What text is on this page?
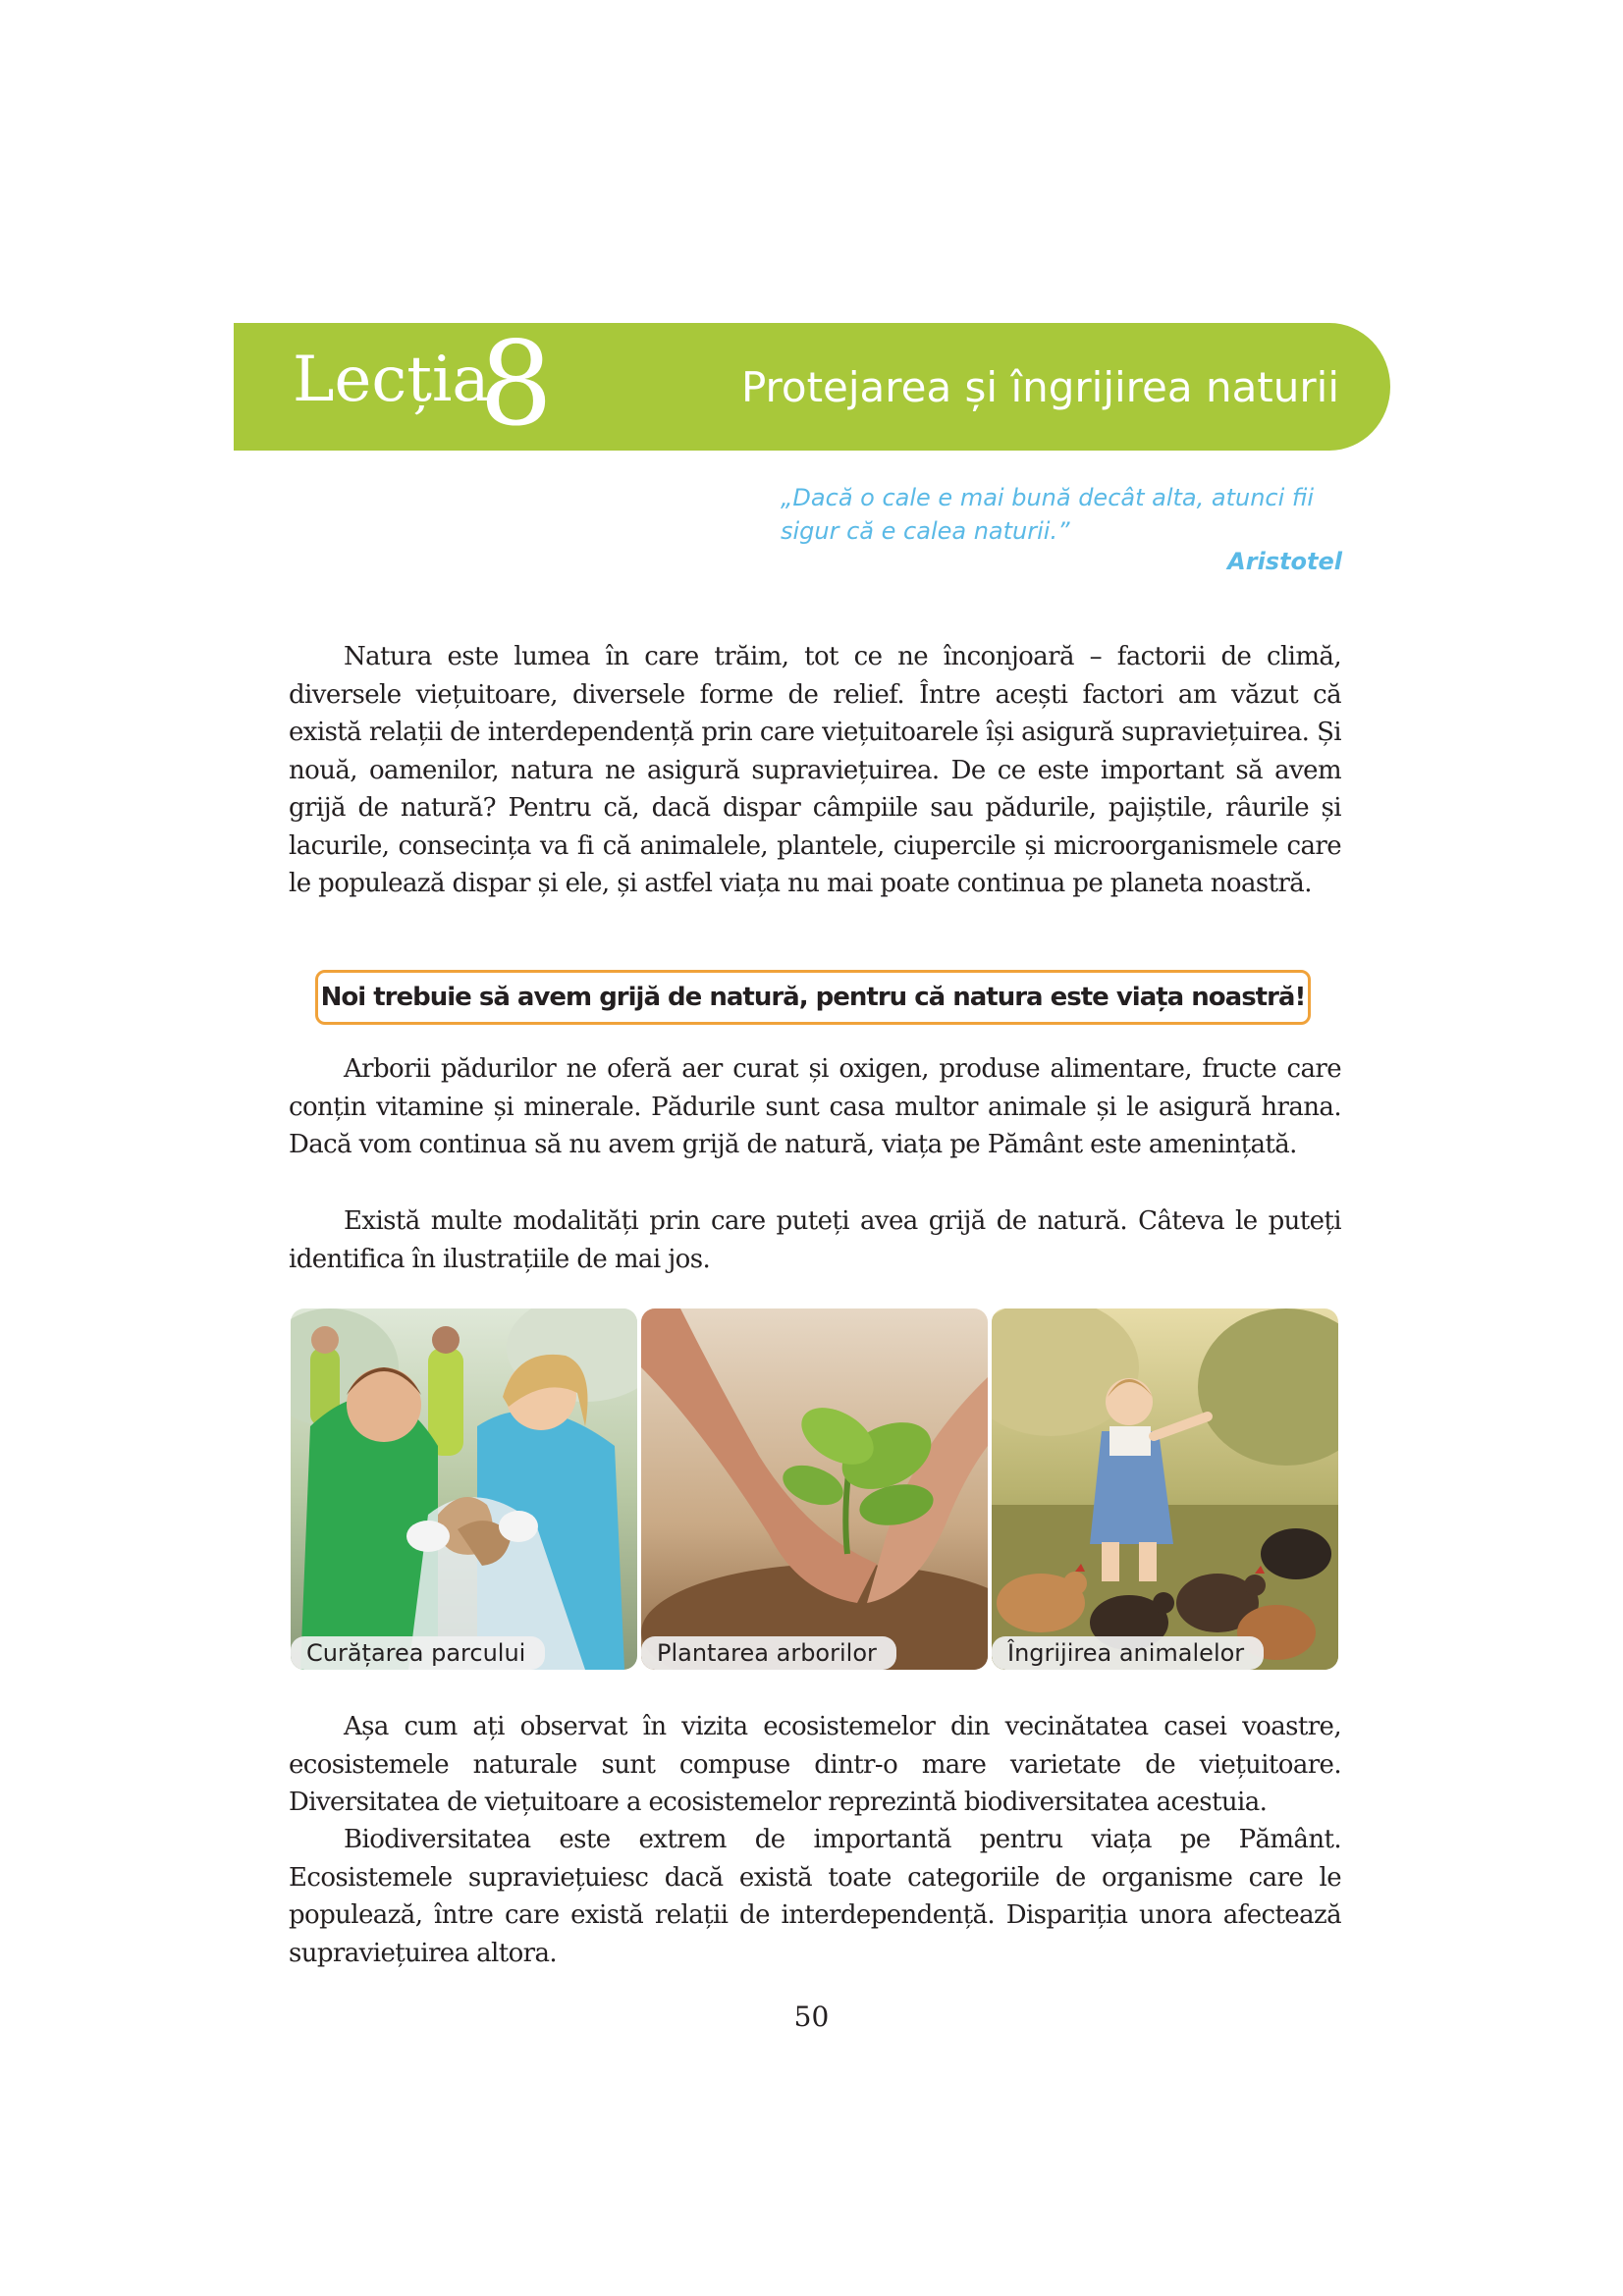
Lecția
8	Protejarea și îngrijirea naturii
„Dacă o cale e mai bună decât alta, atunci fii sigur că e calea naturii.”
Aristotel

Natura este lumea în care trăim, tot ce ne înconjoară – factorii de climă, diversele viețuitoare, diversele forme de relief. Între acești factori am văzut că există relații de interdependență prin care viețuitoarele își asigură supraviețuirea. Și nouă, oamenilor, natura ne asigură supraviețuirea. De ce este important să avem grijă de natură? Pentru că, dacă dispar câmpiile sau pădurile, pajiștile, râurile și lacurile, consecința va fi că animalele, plantele, ciupercile și microorganismele care le populează dispar și ele, și astfel viața nu mai poate continua pe planeta noastră.

Noi trebuie să avem grijă de natură, pentru că natura este viața noastră!

Arborii pădurilor ne oferă aer curat și oxigen, produse alimentare, fructe care conțin vitamine și minerale. Pădurile sunt casa multor animale și le asigură hrana. Dacă vom continua să nu avem grijă de natură, viața pe Pământ este amenințată.

Există multe modalități prin care puteți avea grijă de natură. Câteva le puteți identifica în ilustrațiile de mai jos.

Curățarea parcului	Plantarea arborilor	Îngrijirea animalelor

Așa cum ați observat în vizita ecosistemelor din vecinătatea casei voastre, ecosistemele naturale sunt compuse dintr-o mare varietate de viețuitoare. Diversitatea de viețuitoare a ecosistemelor reprezintă biodiversitatea acestuia.

Biodiversitatea este extrem de importantă pentru viața pe Pământ. Ecosistemele supraviețuiesc dacă există toate categoriile de organisme care le populează, între care există relații de interdependență. Dispariția unora afectează supraviețuirea altora.

50
